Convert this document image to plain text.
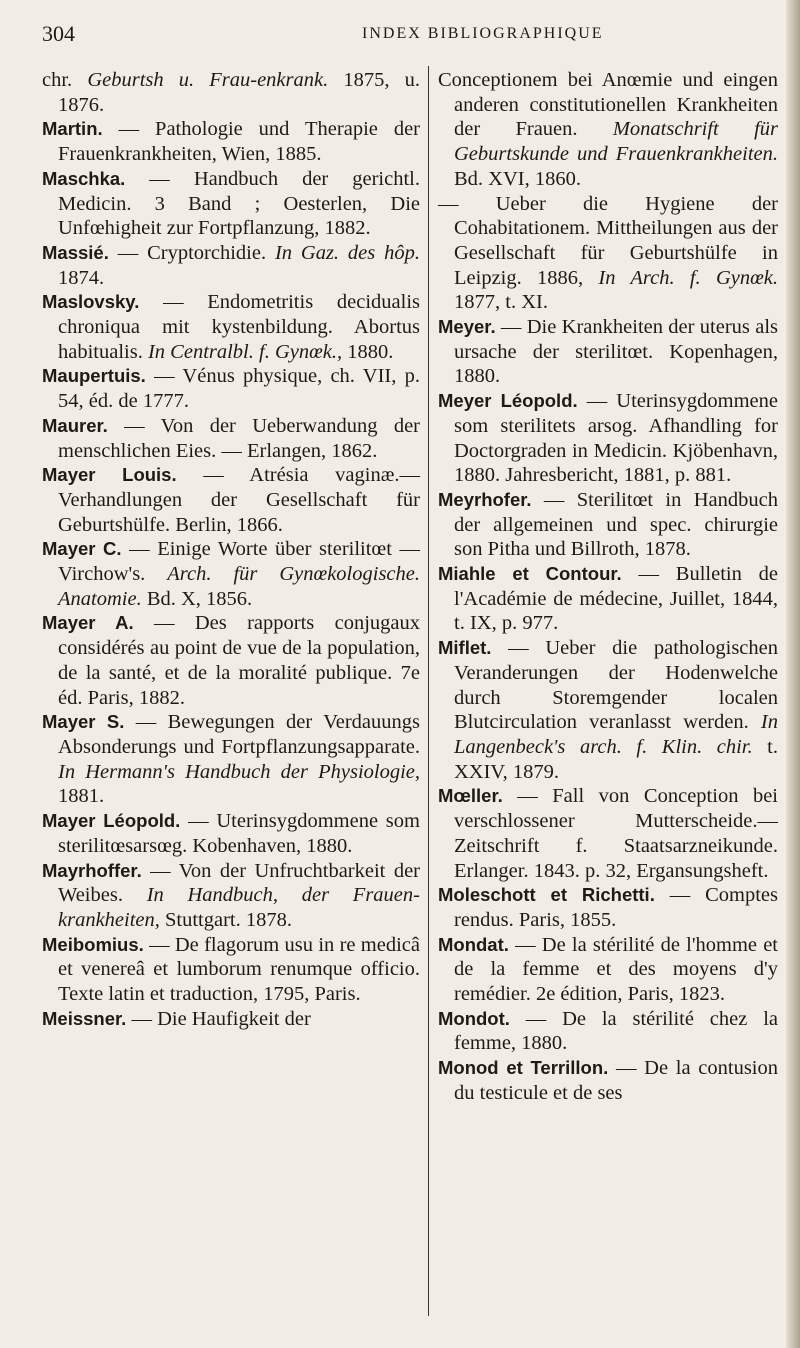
304	INDEX BIBLIOGRAPHIQUE
chr. Geburtsh u. Frau-enkrank. 1875, u. 1876.
Martin. — Pathologie und Therapie der Frauenkrankheiten, Wien, 1885.
Maschka. — Handbuch der gerichtl. Medicin. 3 Band ; Oesterlen, Die Unfœhigheit zur Fortpflanzung, 1882.
Massié. — Cryptorchidie. In Gaz. des hôp. 1874.
Maslovsky. — Endometritis decidualis chroniqua mit kystenbildung. Abortus habitualis. In Centralbl. f. Gynœk., 1880.
Maupertuis. — Vénus physique, ch. VII, p. 54, éd. de 1777.
Maurer. — Von der Ueberwandung der menschlichen Eies. — Erlangen, 1862.
Mayer Louis. — Atrésia vaginæ.— Verhandlungen der Gesellschaft für Geburtshülfe. Berlin, 1866.
Mayer C. — Einige Worte über sterilitœt — Virchow's. Arch. für Gynœkologische. Anatomie. Bd. X, 1856.
Mayer A. — Des rapports conjugaux considérés au point de vue de la population, de la santé, et de la moralité publique. 7e éd. Paris, 1882.
Mayer S. — Bewegungen der Verdauungs Absonderungs und Fortpflanzungsapparate. In Hermann's Handbuch der Physiologie, 1881.
Mayer Léopold. — Uterinsygdommene som sterilitœsarsœg. Kobenhaven, 1880.
Mayrhoffer. — Von der Unfruchtbarkeit der Weibes. In Handbuch, der Frauen-krankheiten, Stuttgart. 1878.
Meibomius. — De flagorum usu in re medicâ et venereâ et lumborum renumque officio. Texte latin et traduction, 1795, Paris.
Meissner. — Die Haufigkeit der
Conceptionem bei Anœmie und eingen anderen constitutionellen Krankheiten der Frauen. Monatschrift für Geburtskunde und Frauenkrankheiten. Bd. XVI, 1860.
— Ueber die Hygiene der Cohabitationem. Mittheilungen aus der Gesellschaft für Geburtshülfe in Leipzig. 1886, In Arch. f. Gynœk. 1877, t. XI.
Meyer. — Die Krankheiten der uterus als ursache der sterilitœt. Kopenhagen, 1880.
Meyer Léopold. — Uterinsygdommene som sterilitets arsog. Afhandling for Doctorgraden in Medicin. Kjöbenhavn, 1880. Jahresbericht, 1881, p. 881.
Meyrhofer. — Sterilitœt in Handbuch der allgemeinen und spec. chirurgie son Pitha und Billroth, 1878.
Miahle et Contour. — Bulletin de l'Académie de médecine, Juillet, 1844, t. IX, p. 977.
Miflet. — Ueber die pathologischen Veranderungen der Hodenwelche durch Storemgender localen Blutcirculation veranlasst werden. In Langenbeck's arch. f. Klin. chir. t. XXIV, 1879.
Mœller. — Fall von Conception bei verschlossener Mutterscheide.— Zeitschrift f. Staatsarzneikunde. Erlanger. 1843. p. 32, Ergansungsheft.
Moleschott et Richetti. — Comptes rendus. Paris, 1855.
Mondat. — De la stérilité de l'homme et de la femme et des moyens d'y remédier. 2e édition, Paris, 1823.
Mondot. — De la stérilité chez la femme, 1880.
Monod et Terrillon. — De la contusion du testicule et de ses
